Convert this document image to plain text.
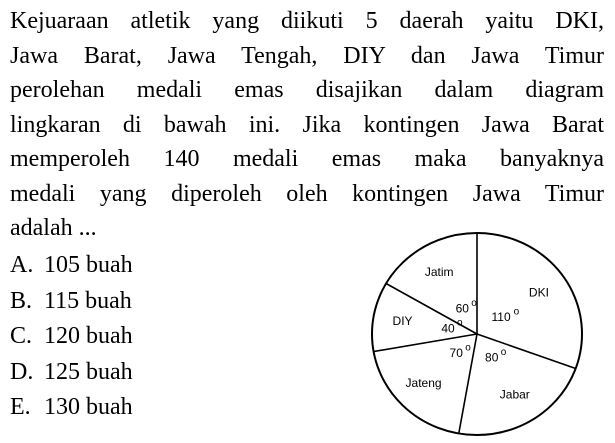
Kejuaraan atletik yang diikuti 5 daerah yaitu DKI,
Jawa Barat, Jawa Tengah, DIY dan Jawa Timur
perolehan medali emas disajikan dalam diagram
lingkaran di bawah ini. Jika kontingen Jawa Barat
memperoleh 140 medali emas maka banyaknya
medali yang diperoleh oleh kontingen Jawa Timur
adalah ...
A. 105 buah
B. 115 buah
C. 120 buah
D. 125 buah
E. 130 buah
DKI
110 o
Jabar
80 o
Jateng
70 o
DIY
40 o
Jatim
60 o
